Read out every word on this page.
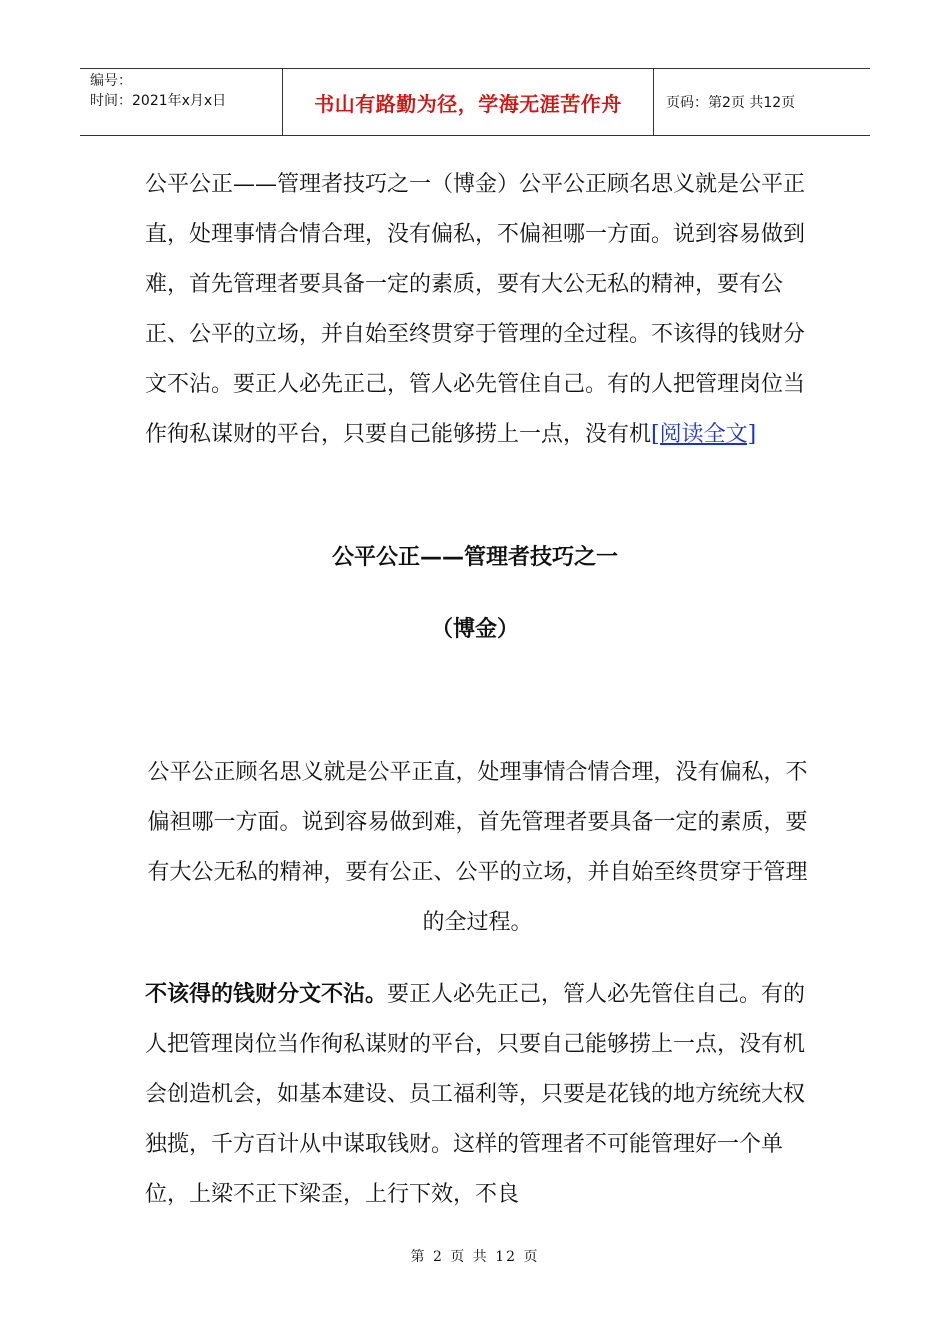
编号：
时间：2021年x月x日	书山有路勤为径，学海无涯苦作舟	页码：第2页 共12页
公平公正——管理者技巧之一（博金）公平公正顾名思义就是公平正直，处理事情合情合理，没有偏私，不偏袒哪一方面。说到容易做到难，首先管理者要具备一定的素质，要有大公无私的精神，要有公正、公平的立场，并自始至终贯穿于管理的全过程。不该得的钱财分文不沾。要正人必先正己，管人必先管住自己。有的人把管理岗位当作徇私谋财的平台，只要自己能够捞上一点，没有机[阅读全文]
公平公正——管理者技巧之一
（博金）
公平公正顾名思义就是公平正直，处理事情合情合理，没有偏私，不偏袒哪一方面。说到容易做到难，首先管理者要具备一定的素质，要有大公无私的精神，要有公正、公平的立场，并自始至终贯穿于管理的全过程。
不该得的钱财分文不沾。要正人必先正己，管人必先管住自己。有的人把管理岗位当作徇私谋财的平台，只要自己能够捞上一点，没有机会创造机会，如基本建设、员工福利等，只要是花钱的地方统统大权独揽，千方百计从中谋取钱财。这样的管理者不可能管理好一个单位，上梁不正下梁歪，上行下效，不良
第 2 页 共 12 页
